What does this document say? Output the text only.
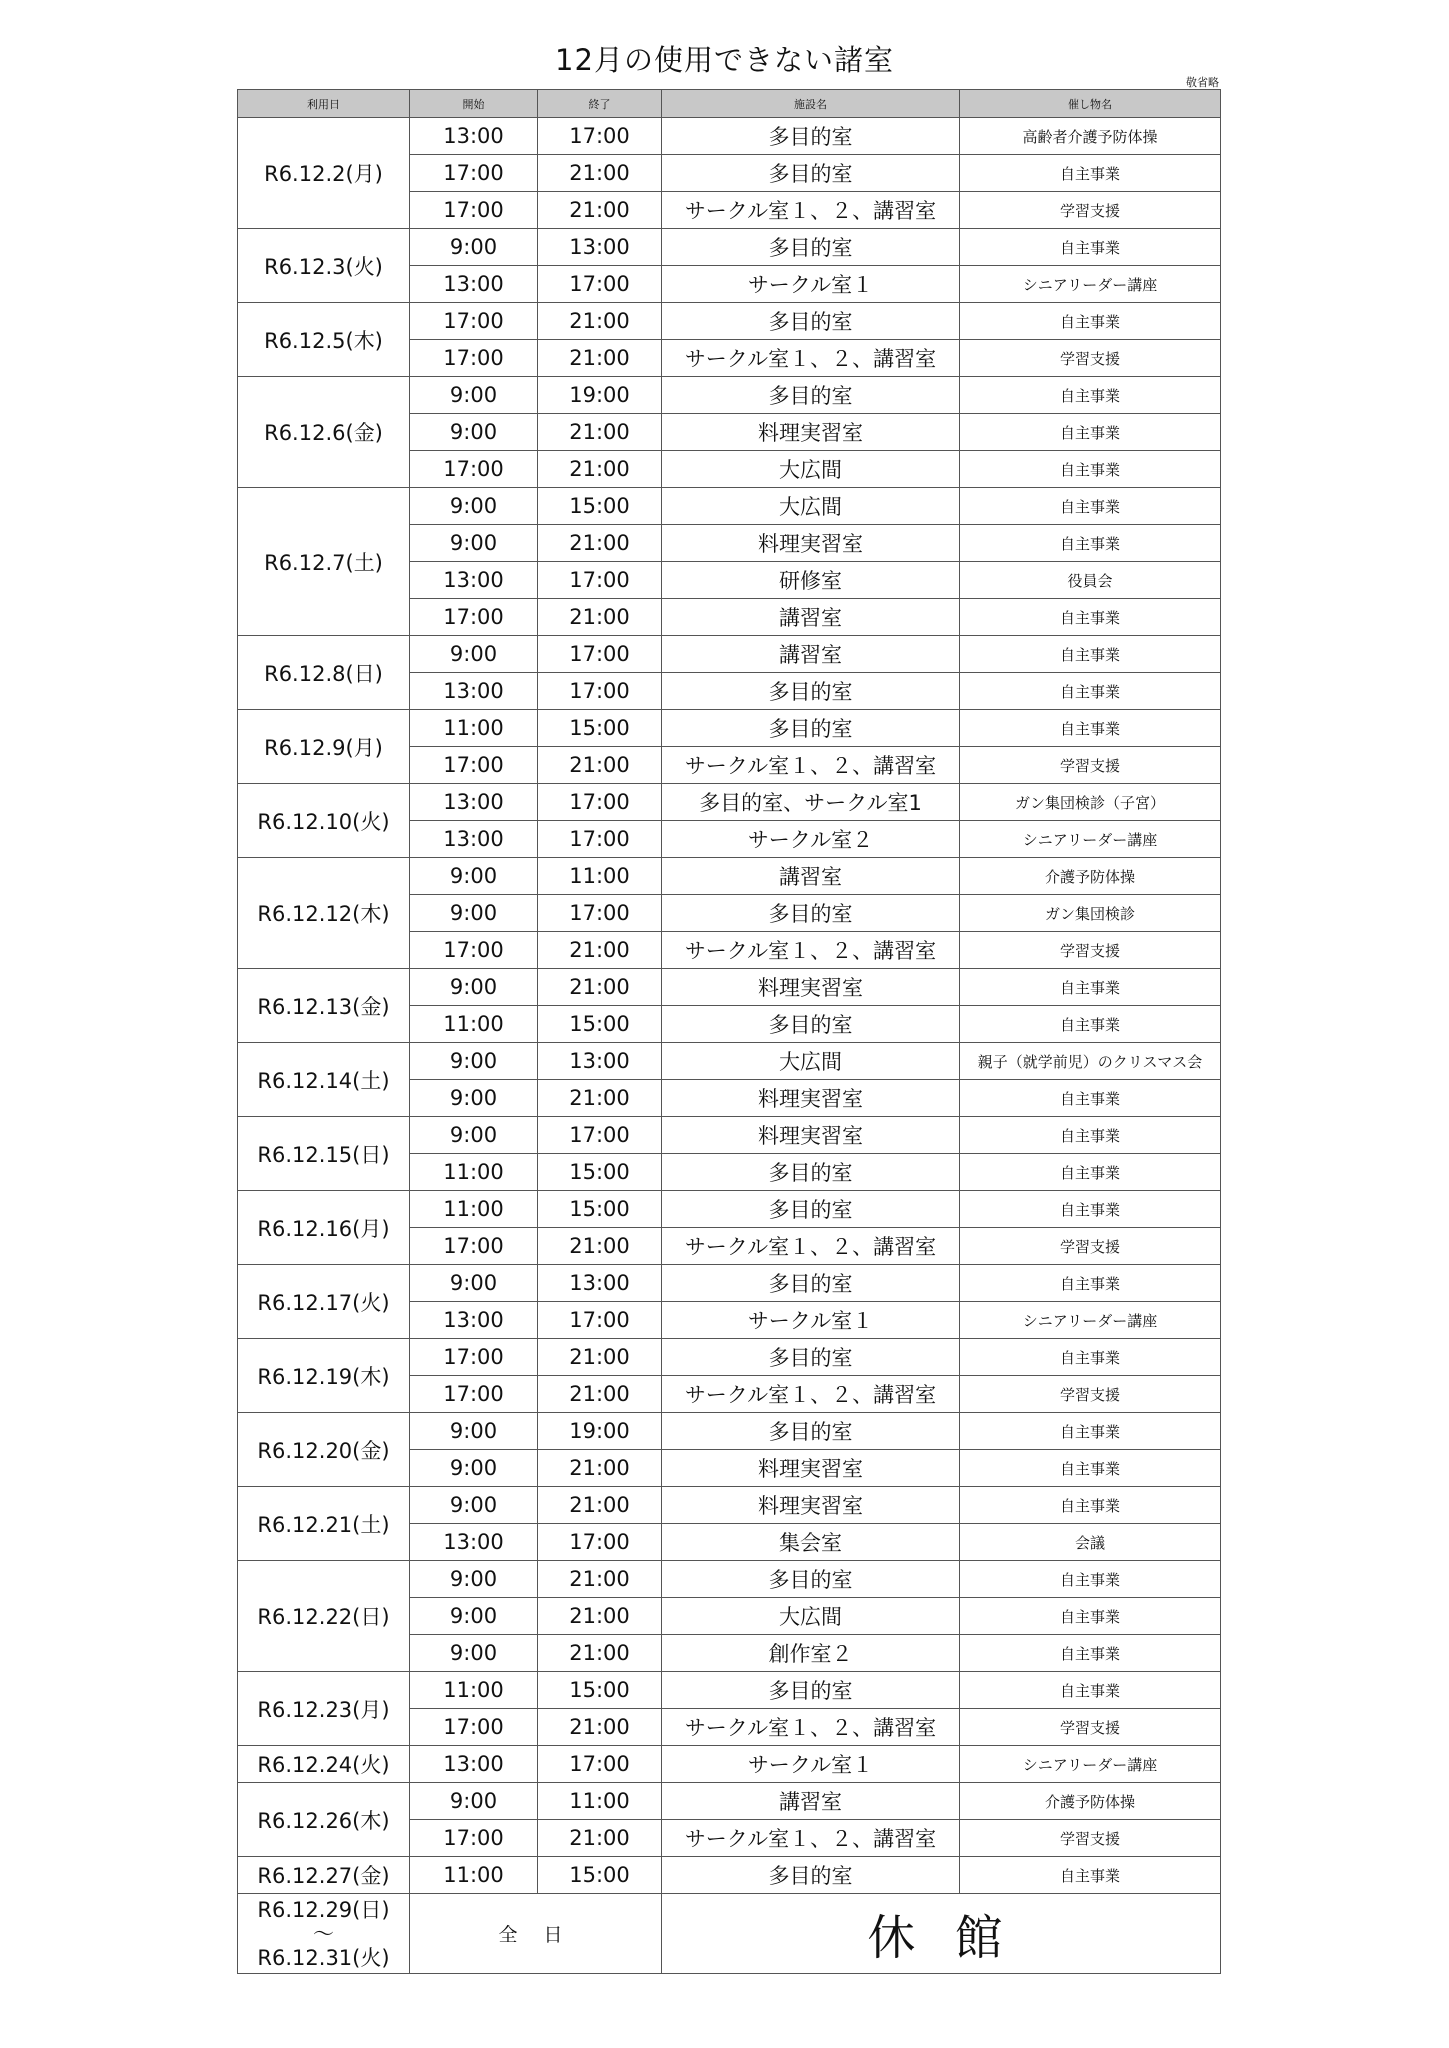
12月の使用できない諸室
敬省略
利用日	開始	終了	施設名	催し物名
R6.12.2(月)	13:00	17:00	多目的室	高齢者介護予防体操
	17:00	21:00	多目的室	自主事業
	17:00	21:00	サークル室１、２、講習室	学習支援
R6.12.3(火)	9:00	13:00	多目的室	自主事業
	13:00	17:00	サークル室１	シニアリーダー講座
R6.12.5(木)	17:00	21:00	多目的室	自主事業
	17:00	21:00	サークル室１、２、講習室	学習支援
R6.12.6(金)	9:00	19:00	多目的室	自主事業
	9:00	21:00	料理実習室	自主事業
	17:00	21:00	大広間	自主事業
R6.12.7(土)	9:00	15:00	大広間	自主事業
	9:00	21:00	料理実習室	自主事業
	13:00	17:00	研修室	役員会
	17:00	21:00	講習室	自主事業
R6.12.8(日)	9:00	17:00	講習室	自主事業
	13:00	17:00	多目的室	自主事業
R6.12.9(月)	11:00	15:00	多目的室	自主事業
	17:00	21:00	サークル室１、２、講習室	学習支援
R6.12.10(火)	13:00	17:00	多目的室、サークル室1	ガン集団検診（子宮）
	13:00	17:00	サークル室２	シニアリーダー講座
R6.12.12(木)	9:00	11:00	講習室	介護予防体操
	9:00	17:00	多目的室	ガン集団検診
	17:00	21:00	サークル室１、２、講習室	学習支援
R6.12.13(金)	9:00	21:00	料理実習室	自主事業
	11:00	15:00	多目的室	自主事業
R6.12.14(土)	9:00	13:00	大広間	親子（就学前児）のクリスマス会
	9:00	21:00	料理実習室	自主事業
R6.12.15(日)	9:00	17:00	料理実習室	自主事業
	11:00	15:00	多目的室	自主事業
R6.12.16(月)	11:00	15:00	多目的室	自主事業
	17:00	21:00	サークル室１、２、講習室	学習支援
R6.12.17(火)	9:00	13:00	多目的室	自主事業
	13:00	17:00	サークル室１	シニアリーダー講座
R6.12.19(木)	17:00	21:00	多目的室	自主事業
	17:00	21:00	サークル室１、２、講習室	学習支援
R6.12.20(金)	9:00	19:00	多目的室	自主事業
	9:00	21:00	料理実習室	自主事業
R6.12.21(土)	9:00	21:00	料理実習室	自主事業
	13:00	17:00	集会室	会議
R6.12.22(日)	9:00	21:00	多目的室	自主事業
	9:00	21:00	大広間	自主事業
	9:00	21:00	創作室２	自主事業
R6.12.23(月)	11:00	15:00	多目的室	自主事業
	17:00	21:00	サークル室１、２、講習室	学習支援
R6.12.24(火)	13:00	17:00	サークル室１	シニアリーダー講座
R6.12.26(木)	9:00	11:00	講習室	介護予防体操
	17:00	21:00	サークル室１、２、講習室	学習支援
R6.12.27(金)	11:00	15:00	多目的室	自主事業
R6.12.29(日)
～
R6.12.31(火)	全 日		休 館	
